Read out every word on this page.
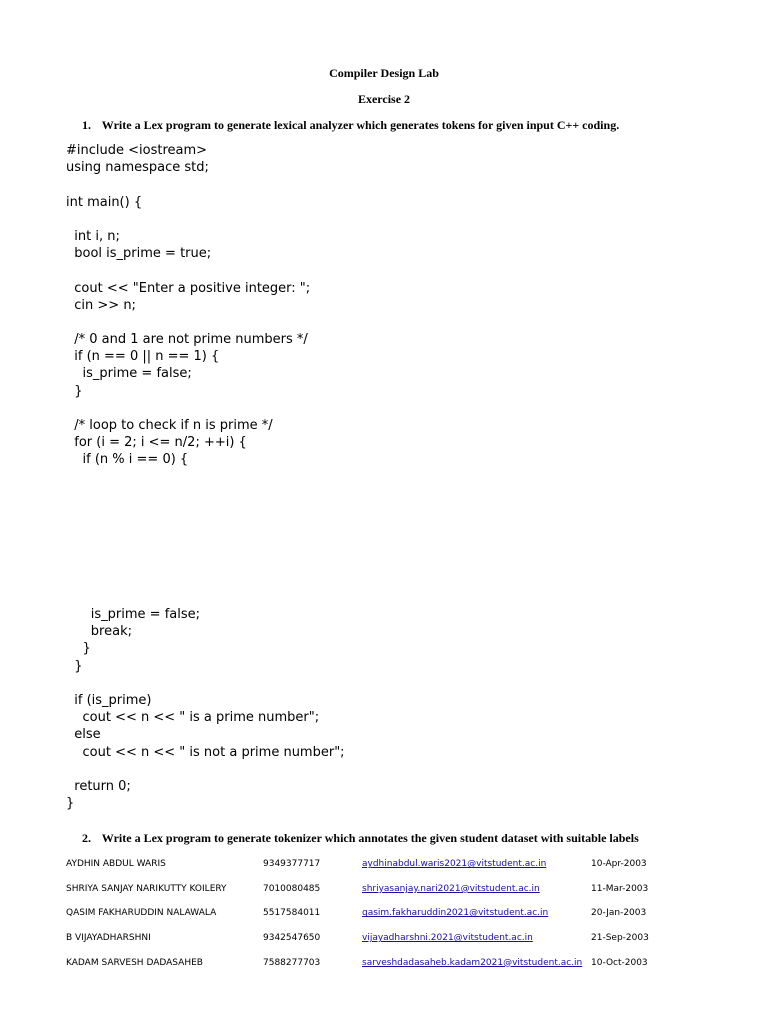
Compiler Design Lab
Exercise 2
1. Write a Lex program to generate lexical analyzer which generates tokens for given input C++ coding.
#include <iostream>
using namespace std;
int main() {
int i, n;
bool is_prime = true;
cout << "Enter a positive integer: ";
cin >> n;
/* 0 and 1 are not prime numbers */
if (n == 0 || n == 1) {
is_prime = false;
}
/* loop to check if n is prime */
for (i = 2; i <= n/2; ++i) {
if (n % i == 0) {
is_prime = false;
break;
}
}
if (is_prime)
cout << n << " is a prime number";
else
cout << n << " is not a prime number";
return 0;
}
2. Write a Lex program to generate tokenizer which annotates the given student dataset with suitable labels
AYDHIN ABDUL WARIS	9349377717	aydhinabdul.waris2021@vitstudent.ac.in	10-Apr-2003
SHRIYA SANJAY NARIKUTTY KOILERY	7010080485	shriyasanjay.nari2021@vitstudent.ac.in	11-Mar-2003
QASIM FAKHARUDDIN NALAWALA	5517584011	qasim.fakharuddin2021@vitstudent.ac.in	20-Jan-2003
B VIJAYADHARSHNI	9342547650	vijayadharshni.2021@vitstudent.ac.in	21-Sep-2003
KADAM SARVESH DADASAHEB	7588277703	sarveshdadasaheb.kadam2021@vitstudent.ac.in	10-Oct-2003
